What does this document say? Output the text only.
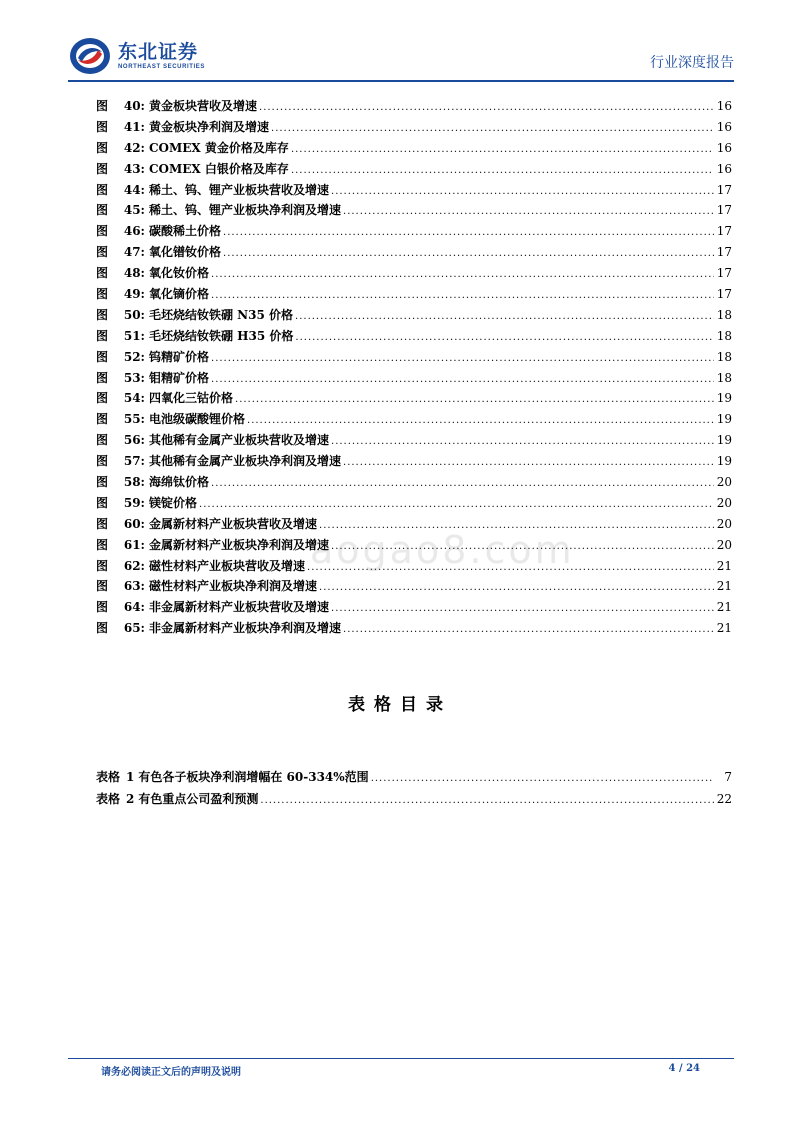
东北证券
NORTHEAST SECURITIES	行业深度报告
图	40: 黄金板块营收及增速 .....	16
图	41: 黄金板块净利润及增速 .....	16
图	42: COMEX 黄金价格及库存 .....	16
图	43: COMEX 白银价格及库存 .....	16
图	44: 稀土、钨、锂产业板块营收及增速 .....	17
图	45: 稀土、钨、锂产业板块净利润及增速 .....	17
图	46: 碳酸稀土价格 .....	17
图	47: 氧化镨钕价格 .....	17
图	48: 氧化钕价格 .....	17
图	49: 氧化镝价格 .....	17
图	50: 毛坯烧结钕铁硼 N35 价格 .....	18
图	51: 毛坯烧结钕铁硼 H35 价格 .....	18
图	52: 钨精矿价格 .....	18
图	53: 钼精矿价格 .....	18
图	54: 四氧化三钴价格 .....	19
图	55: 电池级碳酸锂价格 .....	19
图	56: 其他稀有金属产业板块营收及增速 .....	19
图	57: 其他稀有金属产业板块净利润及增速 .....	19
图	58: 海绵钛价格 .....	20
图	59: 镁锭价格 .....	20
图	60: 金属新材料产业板块营收及增速 .....	20
图	61: 金属新材料产业板块净利润及增速 .....	20
图	62: 磁性材料产业板块营收及增速 .....	21
图	63: 磁性材料产业板块净利润及增速 .....	21
图	64: 非金属新材料产业板块营收及增速 .....	21
图	65: 非金属新材料产业板块净利润及增速 .....	21
aogao8.com
表格目录
表格 1 有色各子板块净利润增幅在 60-334%范围 .....	7
表格 2 有色重点公司盈利预测 .....	22
请务必阅读正文后的声明及说明	4 / 24
